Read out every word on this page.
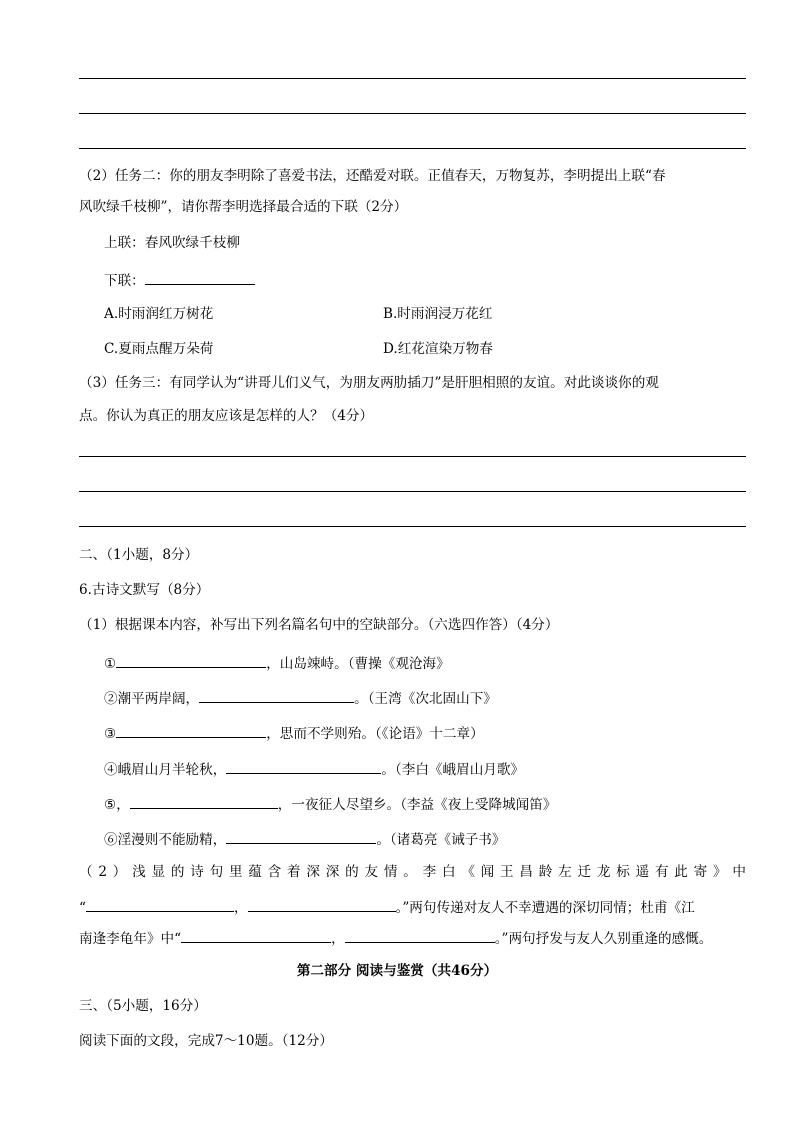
（2）任务二：你的朋友李明除了喜爱书法，还酷爱对联。正值春天，万物复苏，李明提出上联“春
风吹绿千枝柳”，请你帮李明选择最合适的下联（2分）
上联：春风吹绿千枝柳
下联：
A.时雨润红万树花	B.时雨润浸万花红
C.夏雨点醒万朵荷	D.红花渲染万物春
（3）任务三：有同学认为“讲哥儿们义气，为朋友两肋插刀”是肝胆相照的友谊。对此谈谈你的观
点。你认为真正的朋友应该是怎样的人？（4分）
二、（1小题，8分）
6.古诗文默写（8分）
（1）根据课本内容，补写出下列名篇名句中的空缺部分。（六选四作答）（4分）
①	，山岛竦峙。（曹操《观沧海》
②潮平两岸阔，	。（王湾《次北固山下》
③	，思而不学则殆。（《论语》十二章）
④峨眉山月半轮秋，	。（李白《峨眉山月歌》
⑤，	，一夜征人尽望乡。（李益《夜上受降城闻笛》
⑥淫漫则不能励精，	。（诸葛亮《诫子书》
（2）浅显的诗句里蕴含着深深的友情。李白《闻王昌龄左迁龙标遥有此寄》中
“	，	。”两句传递对友人不幸遭遇的深切同情；杜甫《江
南逢李龟年》中“	，	。”两句抒发与友人久别重逢的感慨。
第二部分 阅读与鉴赏（共46分）
三、（5小题，16分）
阅读下面的文段，完成7～10题。（12分）
